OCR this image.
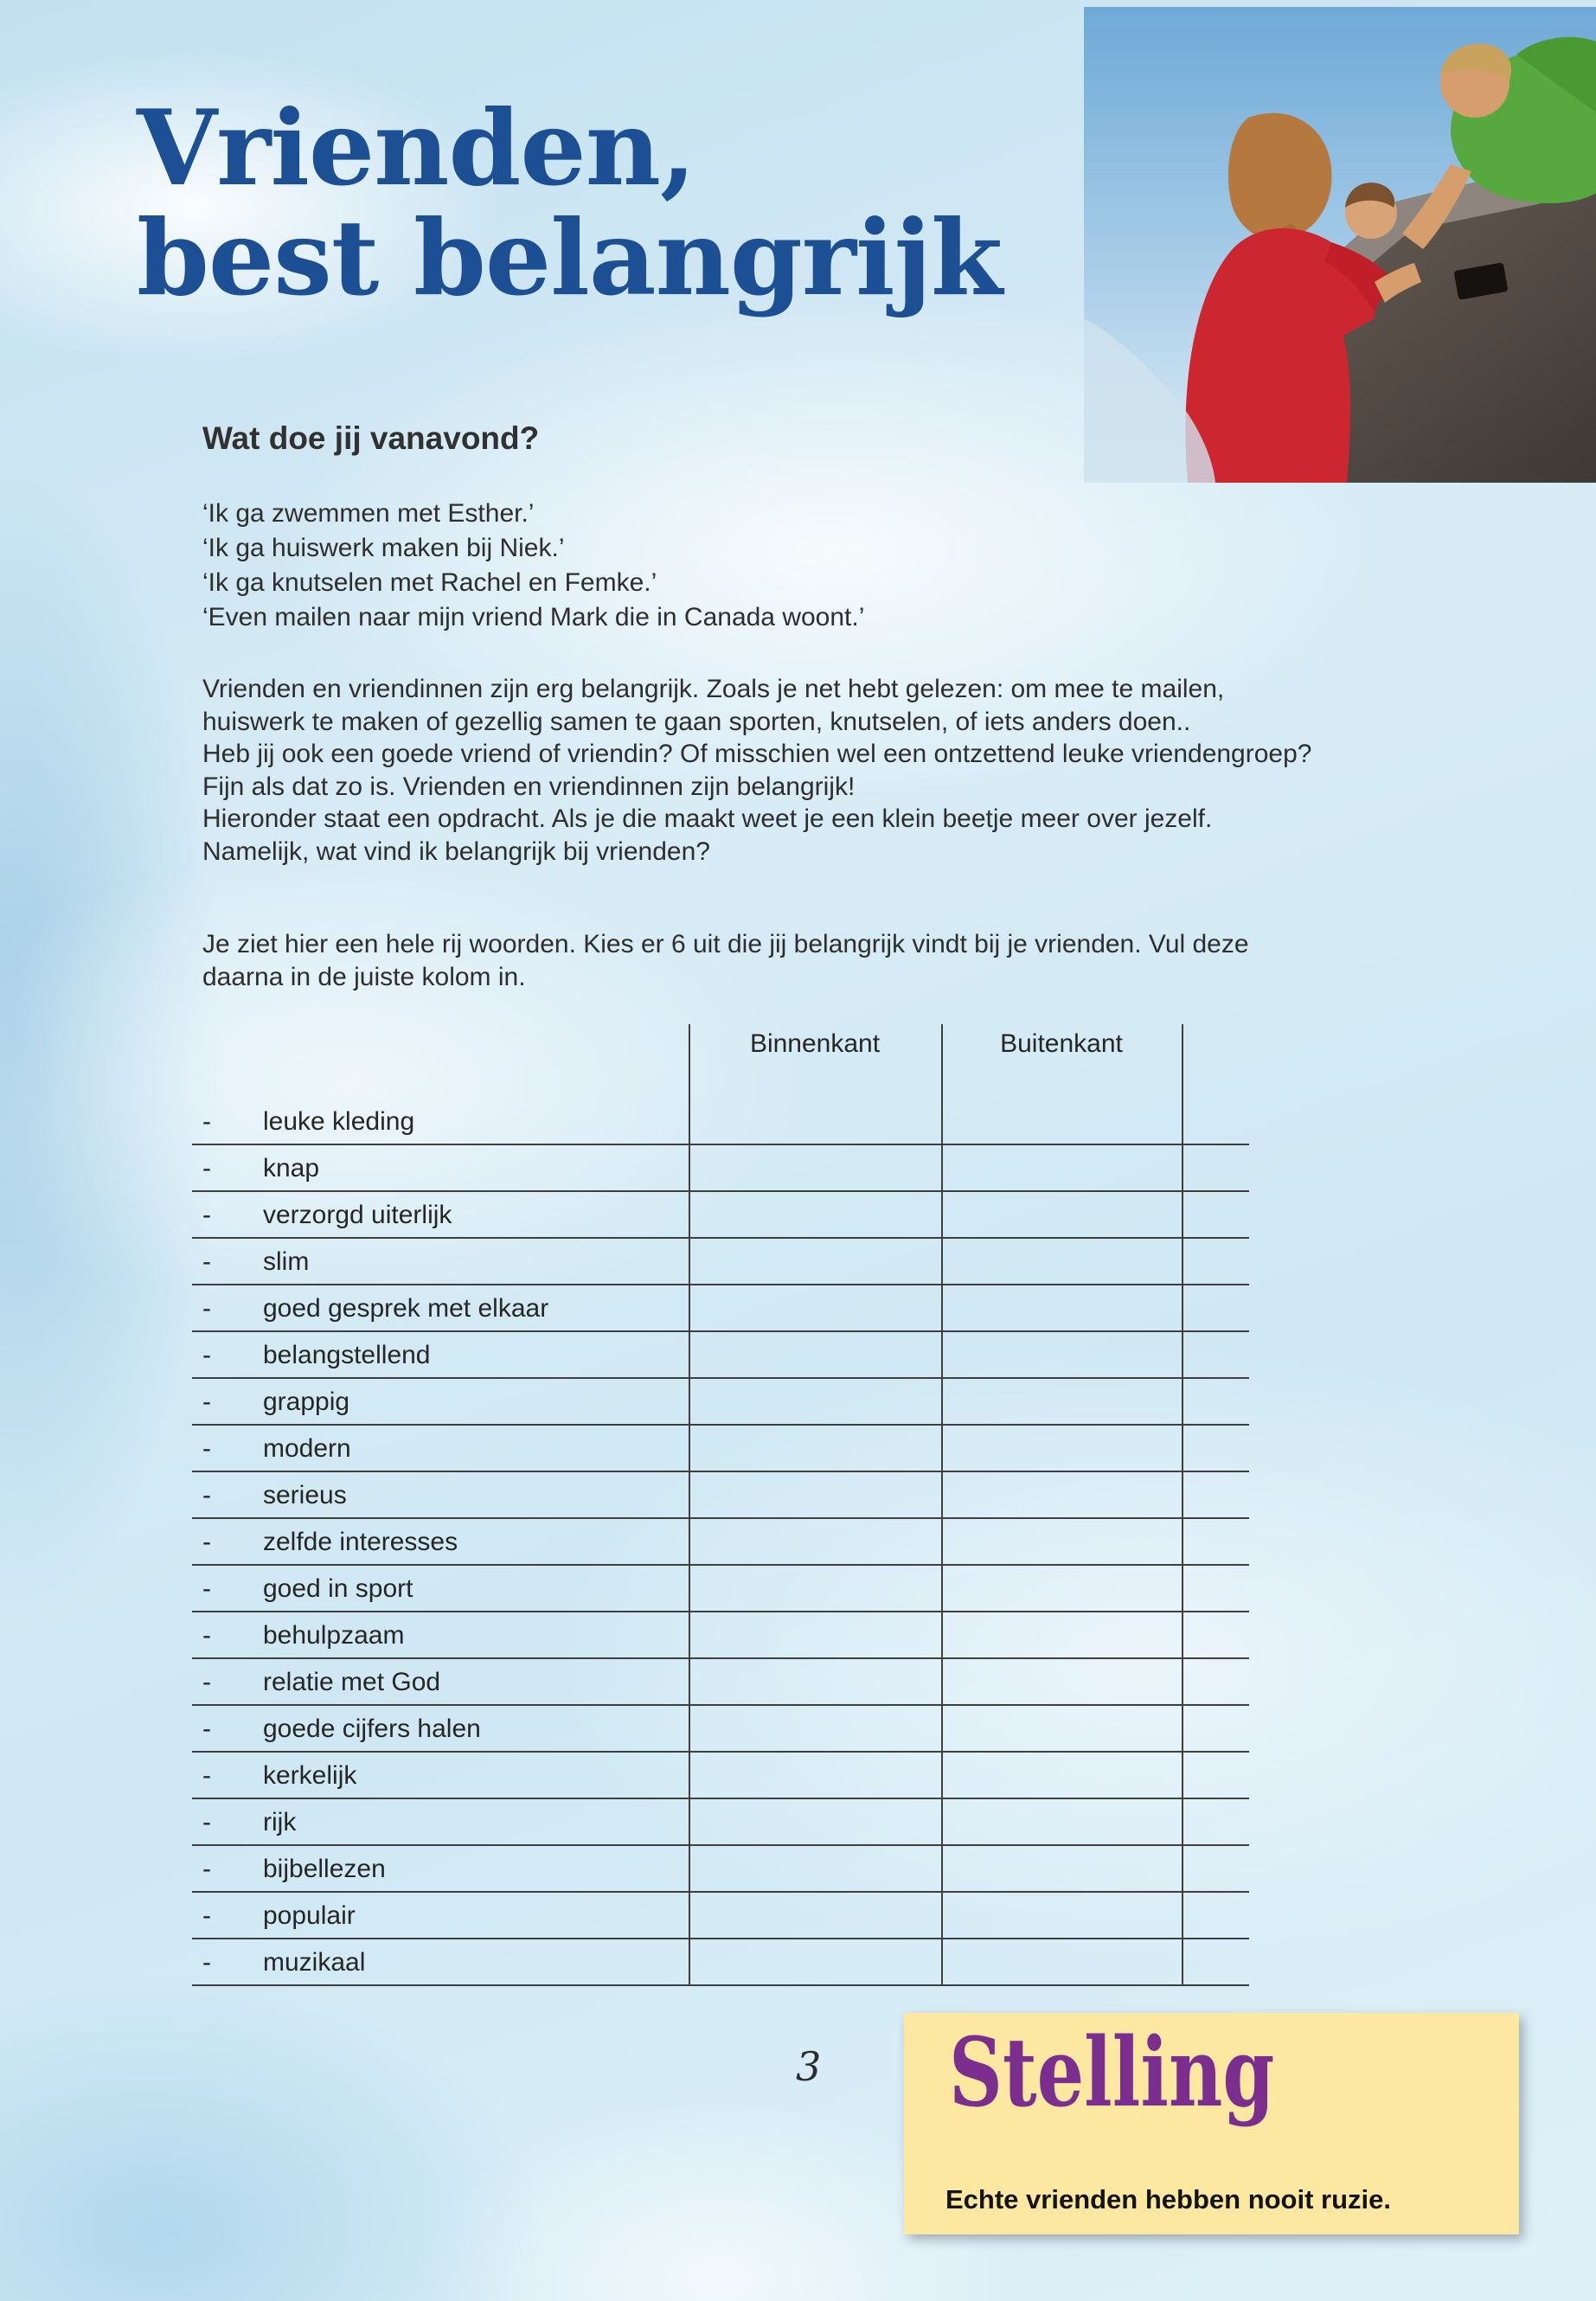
Vrienden,
best belangrijk
Wat doe jij vanavond?
‘Ik ga zwemmen met Esther.’
‘Ik ga huiswerk maken bij Niek.’
‘Ik ga knutselen met Rachel en Femke.’
‘Even mailen naar mijn vriend Mark die in Canada woont.’
Vrienden en vriendinnen zijn erg belangrijk. Zoals je net hebt gelezen: om mee te mailen,
huiswerk te maken of gezellig samen te gaan sporten, knutselen, of iets anders doen..
Heb jij ook een goede vriend of vriendin? Of misschien wel een ontzettend leuke vriendengroep?
Fijn als dat zo is. Vrienden en vriendinnen zijn belangrijk!
Hieronder staat een opdracht. Als je die maakt weet je een klein beetje meer over jezelf.
Namelijk, wat vind ik belangrijk bij vrienden?
Je ziet hier een hele rij woorden. Kies er 6 uit die jij belangrijk vindt bij je vrienden. Vul deze
daarna in de juiste kolom in.
Binnenkant	Buitenkant
- leuke kleding
- knap
- verzorgd uiterlijk
- slim
- goed gesprek met elkaar
- belangstellend
- grappig
- modern
- serieus
- zelfde interesses
- goed in sport
- behulpzaam
- relatie met God
- goede cijfers halen
- kerkelijk
- rijk
- bijbellezen
- populair
- muzikaal
Stelling
Echte vrienden hebben nooit ruzie.
3
